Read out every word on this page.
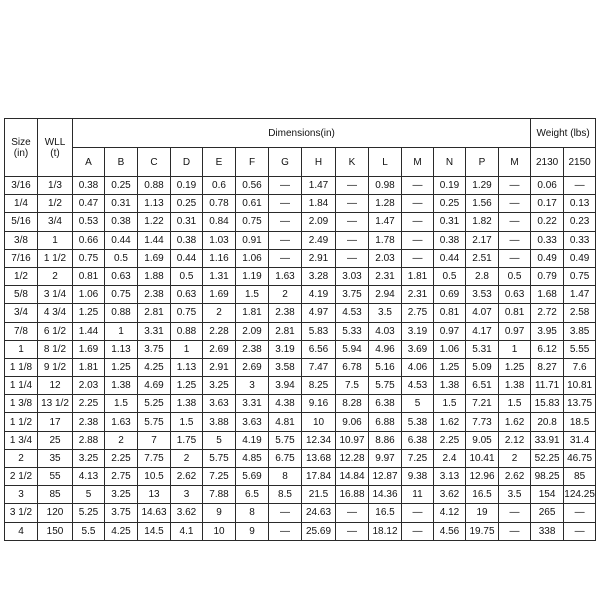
Size
(in)	WLL
(t)	Dimensions(in)														Weight (lbs)	
		A	B	C	D	E	F	G	H	K	L	M	N	P	M	2130	2150
3/16	1/3	0.38	0.25	0.88	0.19	0.6	0.56	—	1.47	—	0.98	—	0.19	1.29	—	0.06	—
1/4	1/2	0.47	0.31	1.13	0.25	0.78	0.61	—	1.84	—	1.28	—	0.25	1.56	—	0.17	0.13
5/16	3/4	0.53	0.38	1.22	0.31	0.84	0.75	—	2.09	—	1.47	—	0.31	1.82	—	0.22	0.23
3/8	1	0.66	0.44	1.44	0.38	1.03	0.91	—	2.49	—	1.78	—	0.38	2.17	—	0.33	0.33
7/16	1 1/2	0.75	0.5	1.69	0.44	1.16	1.06	—	2.91	—	2.03	—	0.44	2.51	—	0.49	0.49
1/2	2	0.81	0.63	1.88	0.5	1.31	1.19	1.63	3.28	3.03	2.31	1.81	0.5	2.8	0.5	0.79	0.75
5/8	3 1/4	1.06	0.75	2.38	0.63	1.69	1.5	2	4.19	3.75	2.94	2.31	0.69	3.53	0.63	1.68	1.47
3/4	4 3/4	1.25	0.88	2.81	0.75	2	1.81	2.38	4.97	4.53	3.5	2.75	0.81	4.07	0.81	2.72	2.58
7/8	6 1/2	1.44	1	3.31	0.88	2.28	2.09	2.81	5.83	5.33	4.03	3.19	0.97	4.17	0.97	3.95	3.85
1	8 1/2	1.69	1.13	3.75	1	2.69	2.38	3.19	6.56	5.94	4.96	3.69	1.06	5.31	1	6.12	5.55
1 1/8	9 1/2	1.81	1.25	4.25	1.13	2.91	2.69	3.58	7.47	6.78	5.16	4.06	1.25	5.09	1.25	8.27	7.6
1 1/4	12	2.03	1.38	4.69	1.25	3.25	3	3.94	8.25	7.5	5.75	4.53	1.38	6.51	1.38	11.71	10.81
1 3/8	13 1/2	2.25	1.5	5.25	1.38	3.63	3.31	4.38	9.16	8.28	6.38	5	1.5	7.21	1.5	15.83	13.75
1 1/2	17	2.38	1.63	5.75	1.5	3.88	3.63	4.81	10	9.06	6.88	5.38	1.62	7.73	1.62	20.8	18.5
1 3/4	25	2.88	2	7	1.75	5	4.19	5.75	12.34	10.97	8.86	6.38	2.25	9.05	2.12	33.91	31.4
2	35	3.25	2.25	7.75	2	5.75	4.85	6.75	13.68	12.28	9.97	7.25	2.4	10.41	2	52.25	46.75
2 1/2	55	4.13	2.75	10.5	2.62	7.25	5.69	8	17.84	14.84	12.87	9.38	3.13	12.96	2.62	98.25	85
3	85	5	3.25	13	3	7.88	6.5	8.5	21.5	16.88	14.36	11	3.62	16.5	3.5	154	124.25
3 1/2	120	5.25	3.75	14.63	3.62	9	8	—	24.63	—	16.5	—	4.12	19	—	265	—
4	150	5.5	4.25	14.5	4.1	10	9	—	25.69	—	18.12	—	4.56	19.75	—	338	—
